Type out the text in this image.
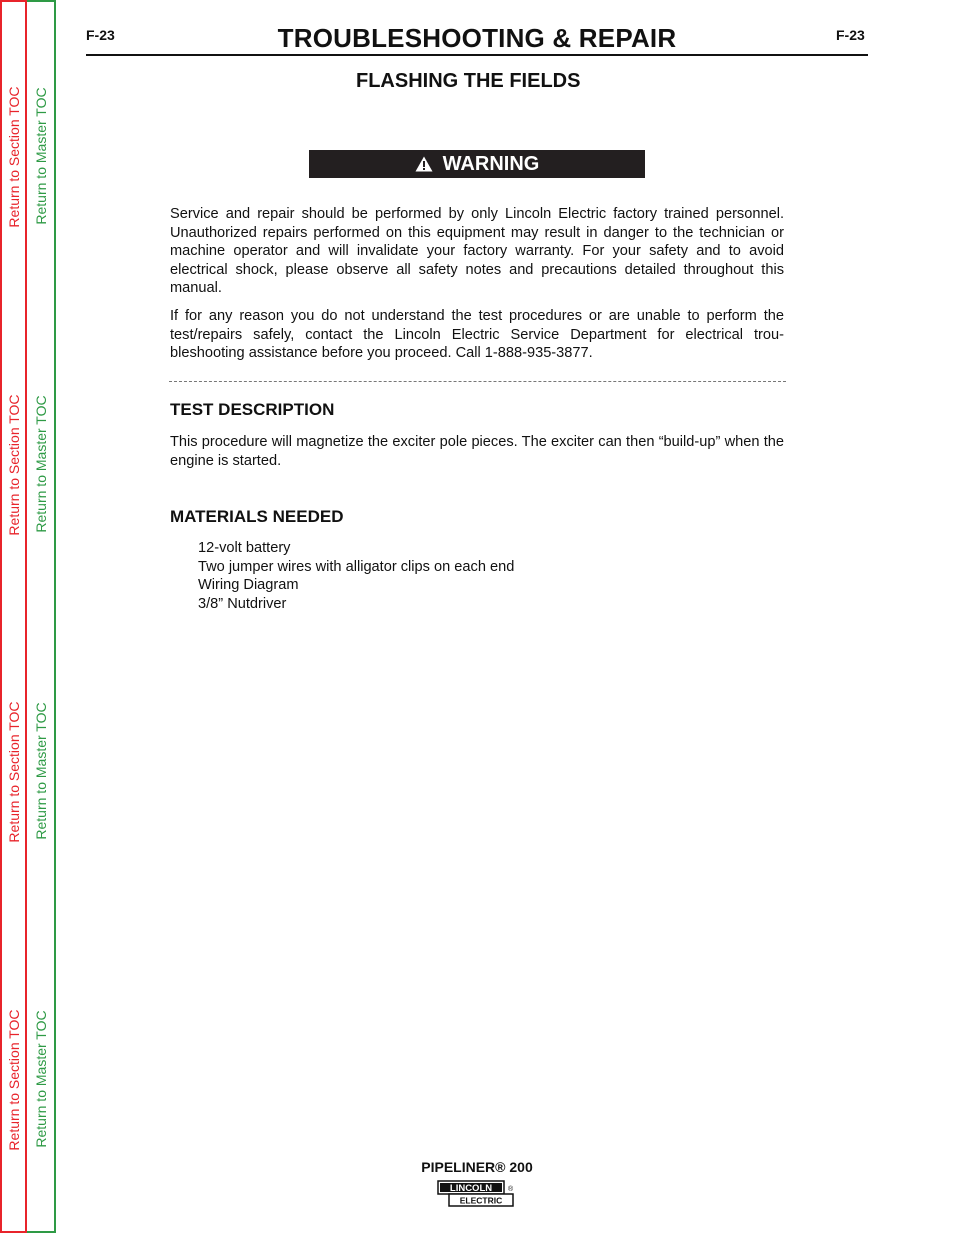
Return to Section TOC
Return to Section TOC
Return to Section TOC
Return to Section TOC
Return to Master TOC
Return to Master TOC
Return to Master TOC
Return to Master TOC
F-23	F-23
TROUBLESHOOTING & REPAIR
FLASHING THE FIELDS
WARNING
Service and repair should be performed by only Lincoln Electric factory trained personnel. Unauthorized repairs performed on this equipment may result in danger to the technician or machine operator and will invalidate your factory warranty. For your safety and to avoid electrical shock, please observe all safety notes and precautions detailed throughout this manual.
If for any reason you do not understand the test procedures or are unable to perform the test/repairs safely, contact the Lincoln Electric Service Department for electrical trou-bleshooting assistance before you proceed. Call 1-888-935-3877.
TEST DESCRIPTION
This procedure will magnetize the exciter pole pieces. The exciter can then “build-up” when the engine is started.
MATERIALS NEEDED
12-volt battery
Two jumper wires with alligator clips on each end
Wiring Diagram
3/8” Nutdriver
PIPELINER® 200
LINCOLN
ELECTRIC
®
